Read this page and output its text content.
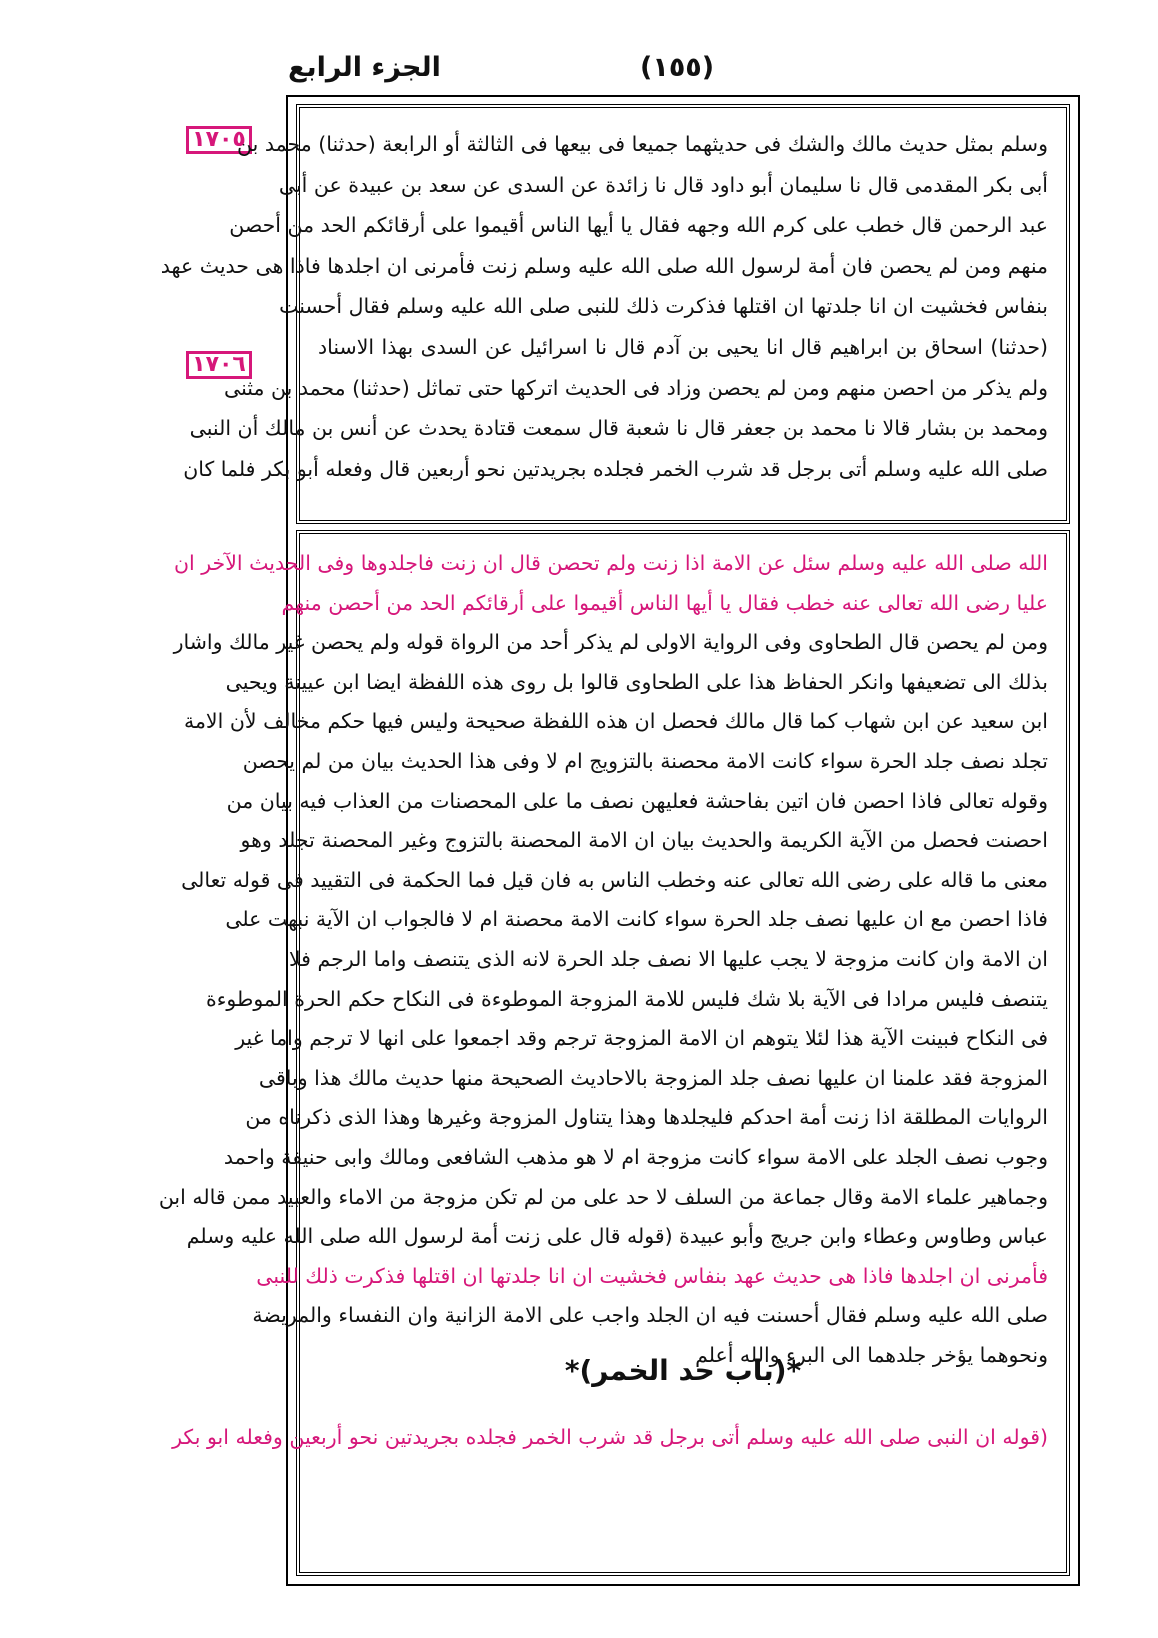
الجزء الرابع	(١٥٥)
١٧٠٥
١٧٠٦
وسلم بمثل حديث مالك والشك فى حديثهما جميعا فى بيعها فى الثالثة أو الرابعة (حدثنا) محمد بن
أبى بكر المقدمى قال نا سليمان أبو داود قال نا زائدة عن السدى عن سعد بن عبيدة عن أبى
عبد الرحمن قال خطب على كرم الله وجهه فقال يا أيها الناس أقيموا على أرقائكم الحد من أحصن
منهم ومن لم يحصن فان أمة لرسول الله صلى الله عليه وسلم زنت فأمرنى ان اجلدها فاذا هى حديث عهد
بنفاس فخشيت ان انا جلدتها ان اقتلها فذكرت ذلك للنبى صلى الله عليه وسلم فقال أحسنت
(حدثنا) اسحاق بن ابراهيم قال انا يحيى بن آدم قال نا اسرائيل عن السدى بهذا الاسناد
ولم يذكر من احصن منهم ومن لم يحصن وزاد فى الحديث اتركها حتى تماثل (حدثنا) محمد بن مثنى
ومحمد بن بشار قالا نا محمد بن جعفر قال نا شعبة قال سمعت قتادة يحدث عن أنس بن مالك أن النبى
صلى الله عليه وسلم أتى برجل قد شرب الخمر فجلده بجريدتين نحو أربعين قال وفعله أبو بكر فلما كان
الله صلى الله عليه وسلم سئل عن الامة اذا زنت ولم تحصن قال ان زنت فاجلدوها وفى الحديث الآخر ان
عليا رضى الله تعالى عنه خطب فقال يا أيها الناس أقيموا على أرقائكم الحد من أحصن منهم
ومن لم يحصن قال الطحاوى وفى الرواية الاولى لم يذكر أحد من الرواة قوله ولم يحصن غير مالك واشار
بذلك الى تضعيفها وانكر الحفاظ هذا على الطحاوى قالوا بل روى هذه اللفظة ايضا ابن عيينة ويحيى
ابن سعيد عن ابن شهاب كما قال مالك فحصل ان هذه اللفظة صحيحة وليس فيها حكم مخالف لأن الامة
تجلد نصف جلد الحرة سواء كانت الامة محصنة بالتزويج ام لا وفى هذا الحديث بيان من لم يحصن
وقوله تعالى فاذا احصن فان اتين بفاحشة فعليهن نصف ما على المحصنات من العذاب فيه بيان من
احصنت فحصل من الآية الكريمة والحديث بيان ان الامة المحصنة بالتزوج وغير المحصنة تجلد وهو
معنى ما قاله على رضى الله تعالى عنه وخطب الناس به فان قيل فما الحكمة فى التقييد فى قوله تعالى
فاذا احصن مع ان عليها نصف جلد الحرة سواء كانت الامة محصنة ام لا فالجواب ان الآية نبهت على
ان الامة وان كانت مزوجة لا يجب عليها الا نصف جلد الحرة لانه الذى يتنصف واما الرجم فلا
يتنصف فليس مرادا فى الآية بلا شك فليس للامة المزوجة الموطوءة فى النكاح حكم الحرة الموطوءة
فى النكاح فبينت الآية هذا لئلا يتوهم ان الامة المزوجة ترجم وقد اجمعوا على انها لا ترجم واما غير
المزوجة فقد علمنا ان عليها نصف جلد المزوجة بالاحاديث الصحيحة منها حديث مالك هذا وباقى
الروايات المطلقة اذا زنت أمة احدكم فليجلدها وهذا يتناول المزوجة وغيرها وهذا الذى ذكرناه من
وجوب نصف الجلد على الامة سواء كانت مزوجة ام لا هو مذهب الشافعى ومالك وابى حنيفة واحمد
وجماهير علماء الامة وقال جماعة من السلف لا حد على من لم تكن مزوجة من الاماء والعبيد ممن قاله ابن
عباس وطاوس وعطاء وابن جريج وأبو عبيدة (قوله قال على زنت أمة لرسول الله صلى الله عليه وسلم
فأمرنى ان اجلدها فاذا هى حديث عهد بنفاس فخشيت ان انا جلدتها ان اقتلها فذكرت ذلك للنبى
صلى الله عليه وسلم فقال أحسنت فيه ان الجلد واجب على الامة الزانية وان النفساء والمريضة
ونحوهما يؤخر جلدهما الى البرء والله أعلم
*(باب حد الخمر)*
(قوله ان النبى صلى الله عليه وسلم أتى برجل قد شرب الخمر فجلده بجريدتين نحو أربعين وفعله ابو بكر
